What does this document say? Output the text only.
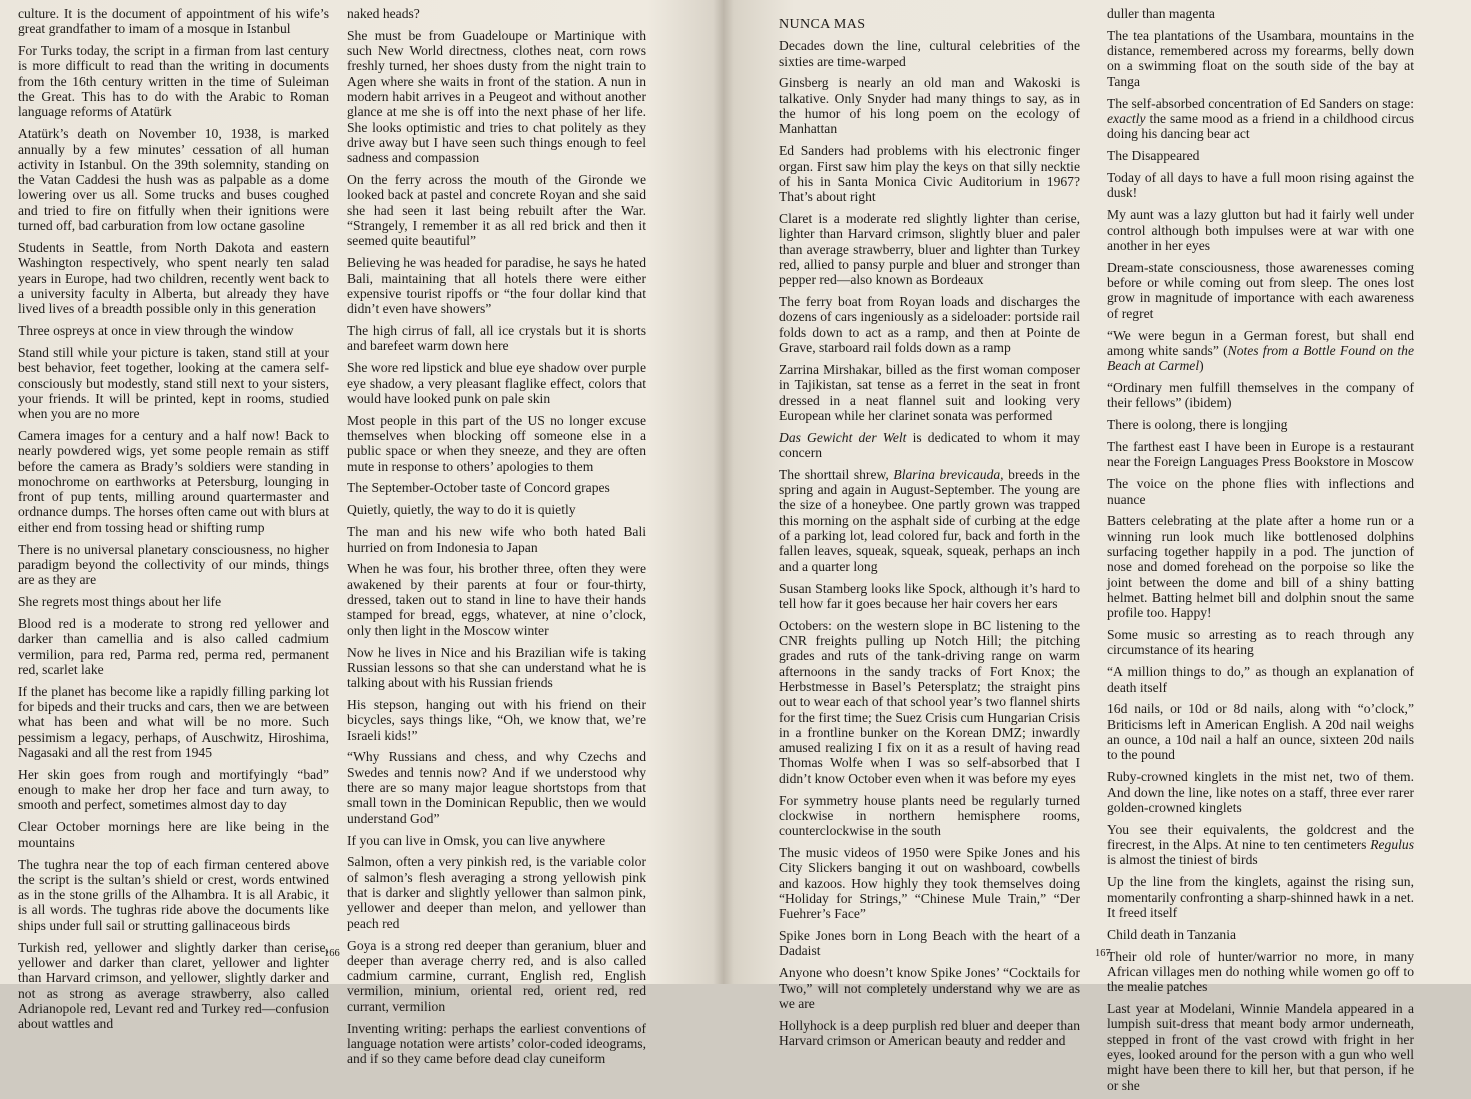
culture. It is the document of appointment of his wife’s great grandfather to imam of a mosque in Istanbul

For Turks today, the script in a firman from last century is more difficult to read than the writing in documents from the 16th century written in the time of Suleiman the Great. This has to do with the Arabic to Roman language reforms of Atatürk

Atatürk’s death on November 10, 1938, is marked annually by a few minutes’ cessation of all human activity in Istanbul. On the 39th solemnity, standing on the Vatan Caddesi the hush was as palpable as a dome lowering over us all. Some trucks and buses coughed and tried to fire on fitfully when their ignitions were turned off, bad carburation from low octane gasoline

Students in Seattle, from North Dakota and eastern Washington respectively, who spent nearly ten salad years in Europe, had two children, recently went back to a university faculty in Alberta, but already they have lived lives of a breadth possible only in this generation

Three ospreys at once in view through the window

Stand still while your picture is taken, stand still at your best behavior, feet together, looking at the camera self-consciously but modestly, stand still next to your sisters, your friends. It will be printed, kept in rooms, studied when you are no more

Camera images for a century and a half now! Back to nearly powdered wigs, yet some people remain as stiff before the camera as Brady’s soldiers were standing in monochrome on earthworks at Petersburg, lounging in front of pup tents, milling around quartermaster and ordnance dumps. The horses often came out with blurs at either end from tossing head or shifting rump

There is no universal planetary consciousness, no higher paradigm beyond the collectivity of our minds, things are as they are

She regrets most things about her life

Blood red is a moderate to strong red yellower and darker than camellia and is also called cadmium vermilion, para red, Parma red, perma red, permanent red, scarlet lake

If the planet has become like a rapidly filling parking lot for bipeds and their trucks and cars, then we are between what has been and what will be no more. Such pessimism a legacy, perhaps, of Auschwitz, Hiroshima, Nagasaki and all the rest from 1945

Her skin goes from rough and mortifyingly “bad” enough to make her drop her face and turn away, to smooth and perfect, sometimes almost day to day

Clear October mornings here are like being in the mountains

The tughra near the top of each firman centered above the script is the sultan’s shield or crest, words entwined as in the stone grills of the Alhambra. It is all Arabic, it is all words. The tughras ride above the documents like ships under full sail or strutting gallinaceous birds

Turkish red, yellower and slightly darker than cerise, yellower and darker than claret, yellower and lighter than Harvard crimson, and yellower, slightly darker and not as strong as average strawberry, also called Adrianopole red, Levant red and Turkey red—confusion about wattles and

naked heads?

She must be from Guadeloupe or Martinique with such New World directness, clothes neat, corn rows freshly turned, her shoes dusty from the night train to Agen where she waits in front of the station. A nun in modern habit arrives in a Peugeot and without another glance at me she is off into the next phase of her life. She looks optimistic and tries to chat politely as they drive away but I have seen such things enough to feel sadness and compassion

On the ferry across the mouth of the Gironde we looked back at pastel and concrete Royan and she said she had seen it last being rebuilt after the War. “Strangely, I remember it as all red brick and then it seemed quite beautiful”

Believing he was headed for paradise, he says he hated Bali, maintaining that all hotels there were either expensive tourist ripoffs or “the four dollar kind that didn’t even have showers”

The high cirrus of fall, all ice crystals but it is shorts and barefeet warm down here

She wore red lipstick and blue eye shadow over purple eye shadow, a very pleasant flaglike effect, colors that would have looked punk on pale skin

Most people in this part of the US no longer excuse themselves when blocking off someone else in a public space or when they sneeze, and they are often mute in response to others’ apologies to them

The September-October taste of Concord grapes

Quietly, quietly, the way to do it is quietly

The man and his new wife who both hated Bali hurried on from Indonesia to Japan

When he was four, his brother three, often they were awakened by their parents at four or four-thirty, dressed, taken out to stand in line to have their hands stamped for bread, eggs, whatever, at nine o’clock, only then light in the Moscow winter

Now he lives in Nice and his Brazilian wife is taking Russian lessons so that she can understand what he is talking about with his Russian friends

His stepson, hanging out with his friend on their bicycles, says things like, “Oh, we know that, we’re Israeli kids!”

“Why Russians and chess, and why Czechs and Swedes and tennis now? And if we understood why there are so many major league shortstops from that small town in the Dominican Republic, then we would understand God”

If you can live in Omsk, you can live anywhere

Salmon, often a very pinkish red, is the variable color of salmon’s flesh averaging a strong yellowish pink that is darker and slightly yellower than salmon pink, yellower and deeper than melon, and yellower than peach red

Goya is a strong red deeper than geranium, bluer and deeper than average cherry red, and is also called cadmium carmine, currant, English red, English vermilion, minium, oriental red, orient red, red currant, vermilion

Inventing writing: perhaps the earliest conventions of language notation were artists’ color-coded ideograms, and if so they came before dead clay cuneiform

166

NUNCA MAS

Decades down the line, cultural celebrities of the sixties are time-warped

Ginsberg is nearly an old man and Wakoski is talkative. Only Snyder had many things to say, as in the humor of his long poem on the ecology of Manhattan

Ed Sanders had problems with his electronic finger organ. First saw him play the keys on that silly necktie of his in Santa Monica Civic Auditorium in 1967? That’s about right

Claret is a moderate red slightly lighter than cerise, lighter than Harvard crimson, slightly bluer and paler than average strawberry, bluer and lighter than Turkey red, allied to pansy purple and bluer and stronger than pepper red—also known as Bordeaux

The ferry boat from Royan loads and discharges the dozens of cars ingeniously as a sideloader: portside rail folds down to act as a ramp, and then at Pointe de Grave, starboard rail folds down as a ramp

Zarrina Mirshakar, billed as the first woman composer in Tajikistan, sat tense as a ferret in the seat in front dressed in a neat flannel suit and looking very European while her clarinet sonata was performed

Das Gewicht der Welt is dedicated to whom it may concern

The shorttail shrew, Blarina brevicauda, breeds in the spring and again in August-September. The young are the size of a honeybee. One partly grown was trapped this morning on the asphalt side of curbing at the edge of a parking lot, lead colored fur, back and forth in the fallen leaves, squeak, squeak, squeak, perhaps an inch and a quarter long

Susan Stamberg looks like Spock, although it’s hard to tell how far it goes because her hair covers her ears

Octobers: on the western slope in BC listening to the CNR freights pulling up Notch Hill; the pitching grades and ruts of the tank-driving range on warm afternoons in the sandy tracks of Fort Knox; the Herbstmesse in Basel’s Petersplatz; the straight pins out to wear each of that school year’s two flannel shirts for the first time; the Suez Crisis cum Hungarian Crisis in a frontline bunker on the Korean DMZ; inwardly amused realizing I fix on it as a result of having read Thomas Wolfe when I was so self-absorbed that I didn’t know October even when it was before my eyes

For symmetry house plants need be regularly turned clockwise in northern hemisphere rooms, counterclockwise in the south

The music videos of 1950 were Spike Jones and his City Slickers banging it out on washboard, cowbells and kazoos. How highly they took themselves doing “Holiday for Strings,” “Chinese Mule Train,” “Der Fuehrer’s Face”

Spike Jones born in Long Beach with the heart of a Dadaist

Anyone who doesn’t know Spike Jones’ “Cocktails for Two,” will not completely understand why we are as we are

Hollyhock is a deep purplish red bluer and deeper than Harvard crimson or American beauty and redder and

duller than magenta

The tea plantations of the Usambara, mountains in the distance, remembered across my forearms, belly down on a swimming float on the south side of the bay at Tanga

The self-absorbed concentration of Ed Sanders on stage: exactly the same mood as a friend in a childhood circus doing his dancing bear act

The Disappeared

Today of all days to have a full moon rising against the dusk!

My aunt was a lazy glutton but had it fairly well under control although both impulses were at war with one another in her eyes

Dream-state consciousness, those awarenesses coming before or while coming out from sleep. The ones lost grow in magnitude of importance with each awareness of regret

“We were begun in a German forest, but shall end among white sands” (Notes from a Bottle Found on the Beach at Carmel)

“Ordinary men fulfill themselves in the company of their fellows” (ibidem)

There is oolong, there is longjing

The farthest east I have been in Europe is a restaurant near the Foreign Languages Press Bookstore in Moscow

The voice on the phone flies with inflections and nuance

Batters celebrating at the plate after a home run or a winning run look much like bottlenosed dolphins surfacing together happily in a pod. The junction of nose and domed forehead on the porpoise so like the joint between the dome and bill of a shiny batting helmet. Batting helmet bill and dolphin snout the same profile too. Happy!

Some music so arresting as to reach through any circumstance of its hearing

“A million things to do,” as though an explanation of death itself

16d nails, or 10d or 8d nails, along with “o’clock,” Briticisms left in American English. A 20d nail weighs an ounce, a 10d nail a half an ounce, sixteen 20d nails to the pound

Ruby-crowned kinglets in the mist net, two of them. And down the line, like notes on a staff, three ever rarer golden-crowned kinglets

You see their equivalents, the goldcrest and the firecrest, in the Alps. At nine to ten centimeters Regulus is almost the tiniest of birds

Up the line from the kinglets, against the rising sun, momentarily confronting a sharp-shinned hawk in a net. It freed itself

Child death in Tanzania

Their old role of hunter/warrior no more, in many African villages men do nothing while women go off to the mealie patches

Last year at Modelani, Winnie Mandela appeared in a lumpish suit-dress that meant body armor underneath, stepped in front of the vast crowd with fright in her eyes, looked around for the person with a gun who well might have been there to kill her, but that person, if he or she

167
